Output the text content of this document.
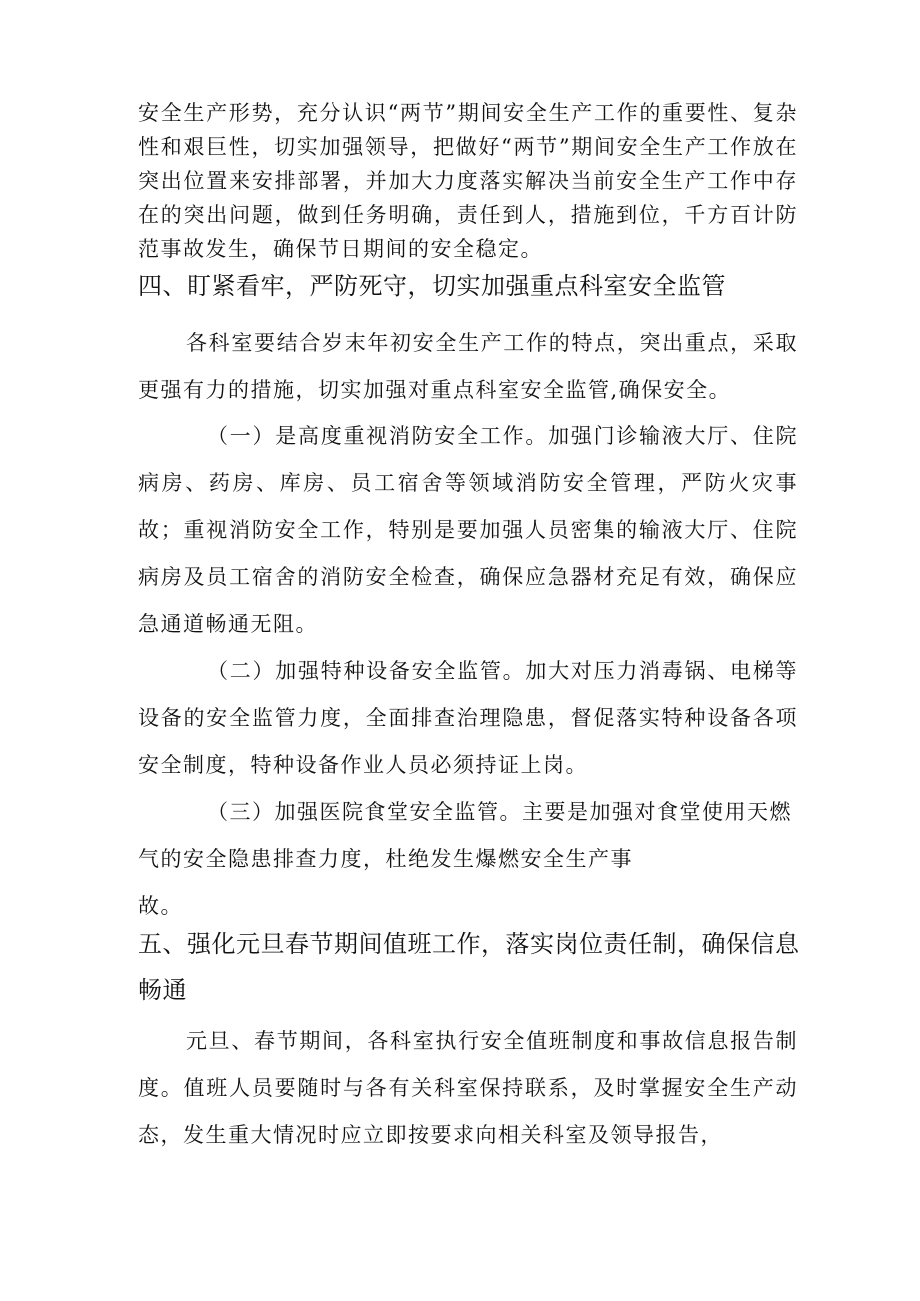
安全生产形势，充分认识“两节”期间安全生产工作的重要性、复杂性和艰巨性，切实加强领导，把做好“两节”期间安全生产工作放在突出位置来安排部署，并加大力度落实解决当前安全生产工作中存在的突出问题，做到任务明确，责任到人，措施到位，千方百计防范事故发生，确保节日期间的安全稳定。

四、盯紧看牢，严防死守，切实加强重点科室安全监管

各科室要结合岁末年初安全生产工作的特点，突出重点，采取更强有力的措施，切实加强对重点科室安全监管,确保安全。

（一）是高度重视消防安全工作。加强门诊输液大厅、住院病房、药房、库房、员工宿舍等领域消防安全管理，严防火灾事故；重视消防安全工作，特别是要加强人员密集的输液大厅、住院病房及员工宿舍的消防安全检查，确保应急器材充足有效，确保应急通道畅通无阻。

（二）加强特种设备安全监管。加大对压力消毒锅、电梯等设备的安全监管力度，全面排查治理隐患，督促落实特种设备各项安全制度，特种设备作业人员必须持证上岗。

（三）加强医院食堂安全监管。主要是加强对食堂使用天燃
气的安全隐患排查力度，杜绝发生爆燃安全生产事
故。
五、强化元旦春节期间值班工作，落实岗位责任制，确保信息畅通

元旦、春节期间，各科室执行安全值班制度和事故信息报告制度。值班人员要随时与各有关科室保持联系，及时掌握安全生产动态，发生重大情况时应立即按要求向相关科室及领导报告，
